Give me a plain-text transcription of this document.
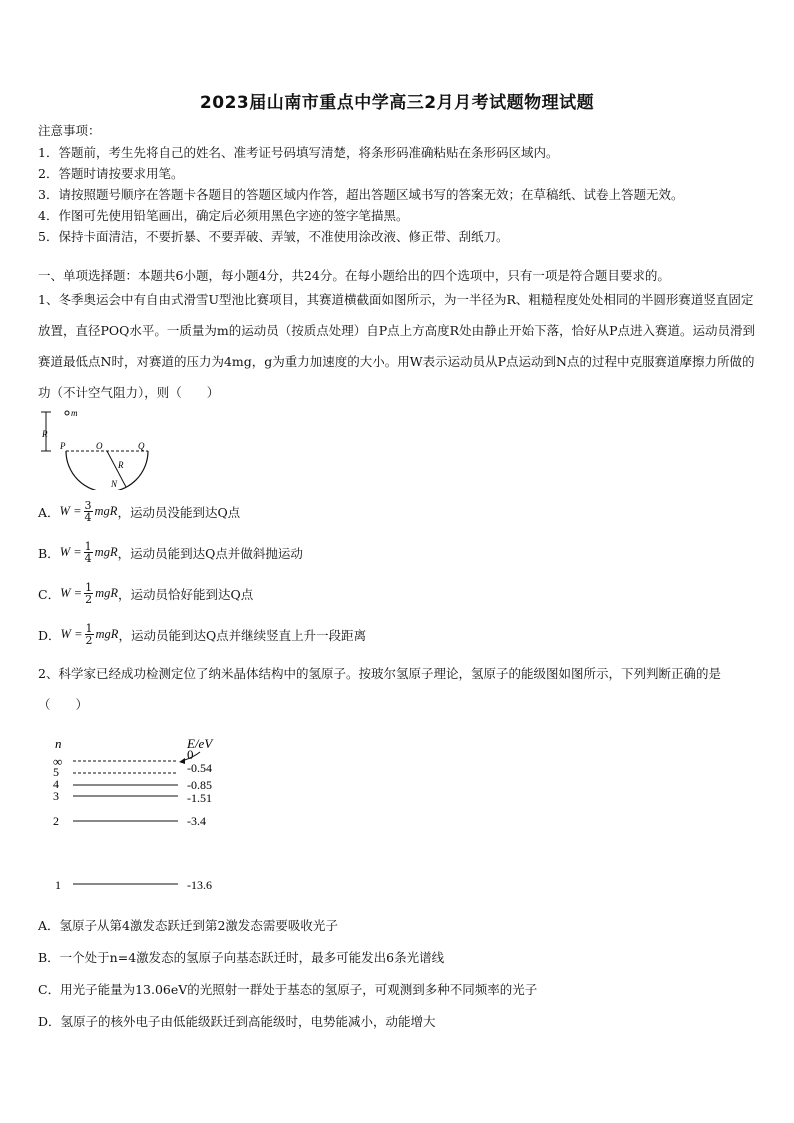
2023届山南市重点中学高三2月月考试题物理试题
注意事项：
1．答题前，考生先将自己的姓名、准考证号码填写清楚，将条形码准确粘贴在条形码区域内。
2．答题时请按要求用笔。
3．请按照题号顺序在答题卡各题目的答题区域内作答，超出答题区域书写的答案无效；在草稿纸、试卷上答题无效。
4．作图可先使用铅笔画出，确定后必须用黑色字迹的签字笔描黑。
5．保持卡面清洁，不要折暴、不要弄破、弄皱，不准使用涂改液、修正带、刮纸刀。
一、单项选择题：本题共6小题，每小题4分，共24分。在每小题给出的四个选项中，只有一项是符合题目要求的。
1、冬季奥运会中有自由式滑雪U型池比赛项目，其赛道横截面如图所示，为一半径为R、粗糙程度处处相同的半圆形赛道竖直固定放置，直径POQ水平。一质量为m的运动员（按质点处理）自P点上方高度R处由静止开始下落，恰好从P点进入赛道。运动员滑到赛道最低点N时，对赛道的压力为4mg，g为重力加速度的大小。用W表示运动员从P点运动到N点的过程中克服赛道摩擦力所做的功（不计空气阻力），则（　　）
m
R
P	O	Q
R
N
A． $W = \frac{3}{4}$ mgR ，运动员没能到达Q点
B． $W = \frac{1}{4}$ mgR ，运动员能到达Q点并做斜抛运动
C． $W = \frac{1}{2}$ mgR ，运动员恰好能到达Q点
D． $W = \frac{1}{2}$ mgR ，运动员能到达Q点并继续竖直上升一段距离
2、科学家已经成功检测定位了纳米晶体结构中的氢原子。按玻尔氢原子理论，氢原子的能级图如图所示，下列判断正确的是（　　）
n	E/eV
∞	0
5	-0.54
4	-0.85
3	-1.51
2	-3.4
1	-13.6
A．氢原子从第4激发态跃迁到第2激发态需要吸收光子
B．一个处于n=4激发态的氢原子向基态跃迁时，最多可能发出6条光谱线
C．用光子能量为13.06eV的光照射一群处于基态的氢原子，可观测到多种不同频率的光子
D．氢原子的核外电子由低能级跃迁到高能级时，电势能减小，动能增大
